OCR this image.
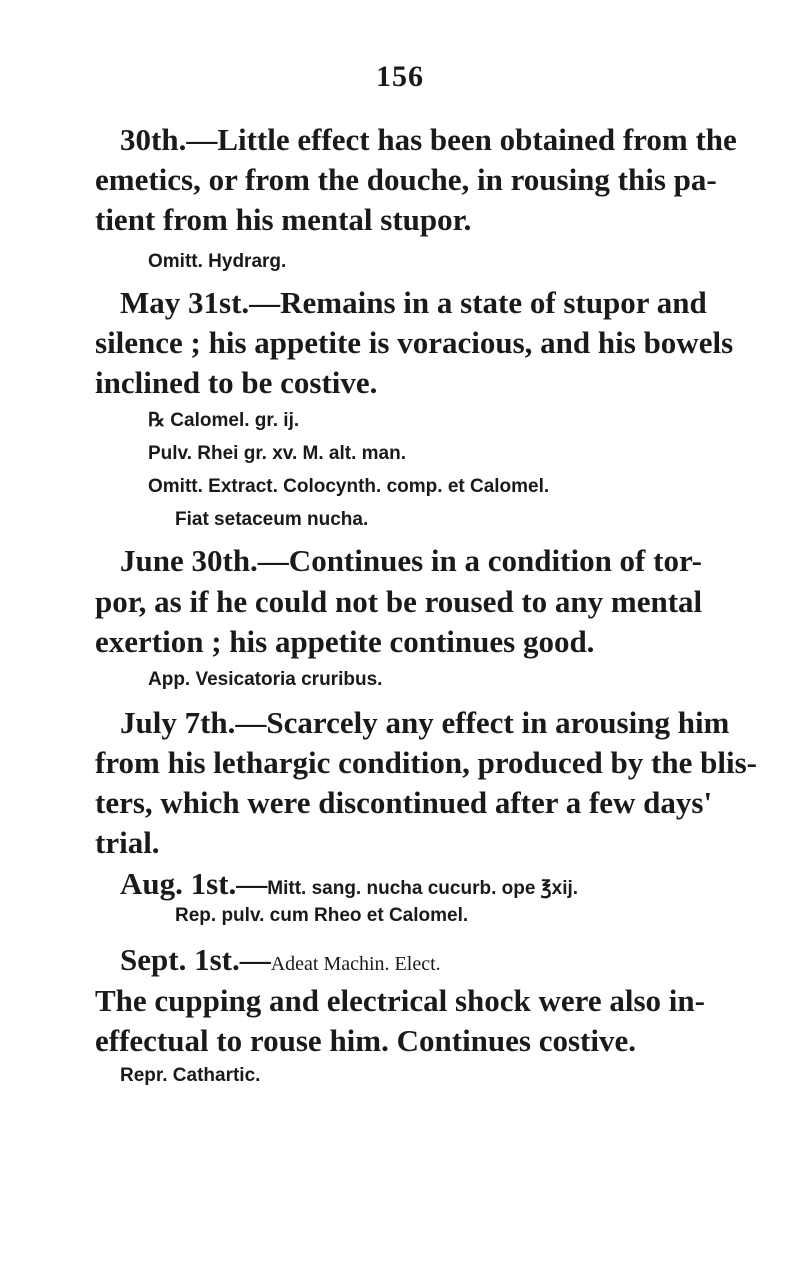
156
30th.—Little effect has been obtained from the
emetics, or from the douche, in rousing this pa-
tient from his mental stupor.
Omitt. Hydrarg.
May 31st.—Remains in a state of stupor and
silence ; his appetite is voracious, and his bowels
inclined to be costive.
℞ Calomel. gr. ij.
Pulv. Rhei gr. xv. M. alt. man.
Omitt. Extract. Colocynth. comp. et Calomel.
Fiat setaceum nucha.
June 30th.—Continues in a condition of tor-
por, as if he could not be roused to any mental
exertion ; his appetite continues good.
App. Vesicatoria cruribus.
July 7th.—Scarcely any effect in arousing him
from his lethargic condition, produced by the blis-
ters, which were discontinued after a few days'
trial.
Aug. 1st.—Mitt. sang. nucha cucurb. ope ℥xij.
Rep. pulv. cum Rheo et Calomel.
Sept. 1st.—Adeat Machin. Elect.
The cupping and electrical shock were also in-
effectual to rouse him. Continues costive.
Repr. Cathartic.
